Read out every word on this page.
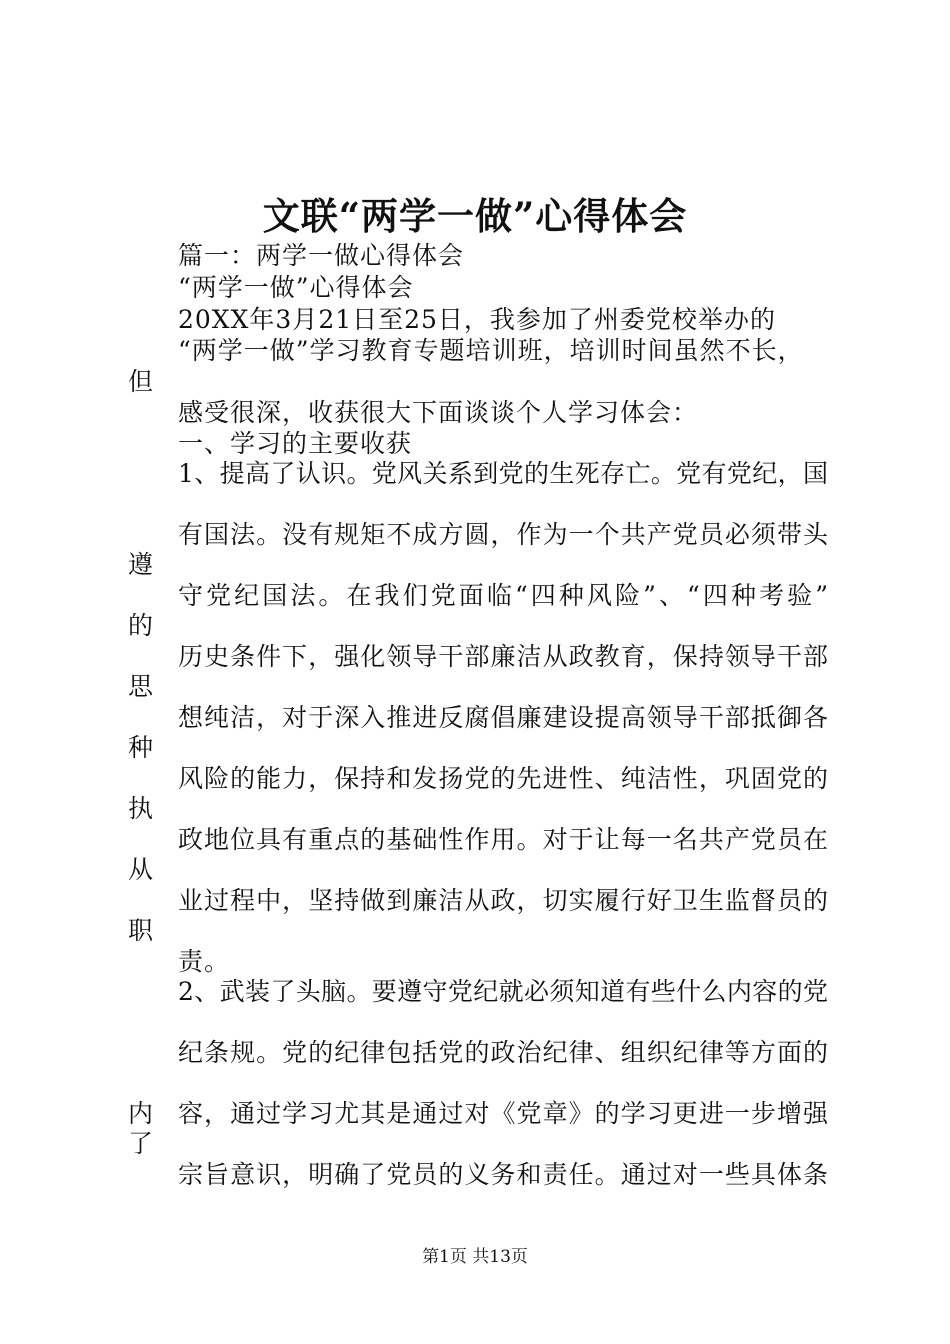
文联“两学一做”心得体会

篇一：两学一做心得体会

“两学一做”心得体会

20XX年3月21日至25日，我参加了州委党校举办的

“两学一做”学习教育专题培训班，培训时间虽然不长，

感受很深，收获很大下面谈谈个人学习体会：

一、学习的主要收获

1、提高了认识。党风关系到党的生死存亡。党有党纪，国

有国法。没有规矩不成方圆，作为一个共产党员必须带头

守党纪国法。在我们党面临“四种风险”、“四种考验”

历史条件下，强化领导干部廉洁从政教育，保持领导干部

想纯洁，对于深入推进反腐倡廉建设提高领导干部抵御各

风险的能力，保持和发扬党的先进性、纯洁性，巩固党的

政地位具有重点的基础性作用。对于让每一名共产党员在

业过程中，坚持做到廉洁从政，切实履行好卫生监督员的

责。

2、武装了头脑。要遵守党纪就必须知道有些什么内容的党

纪条规。党的纪律包括党的政治纪律、组织纪律等方面的

容，通过学习尤其是通过对《党章》的学习更进一步增强

宗旨意识，明确了党员的义务和责任。通过对一些具体条

但

遵

的

思

种

执

从

职

内

了

第1页 共13页
